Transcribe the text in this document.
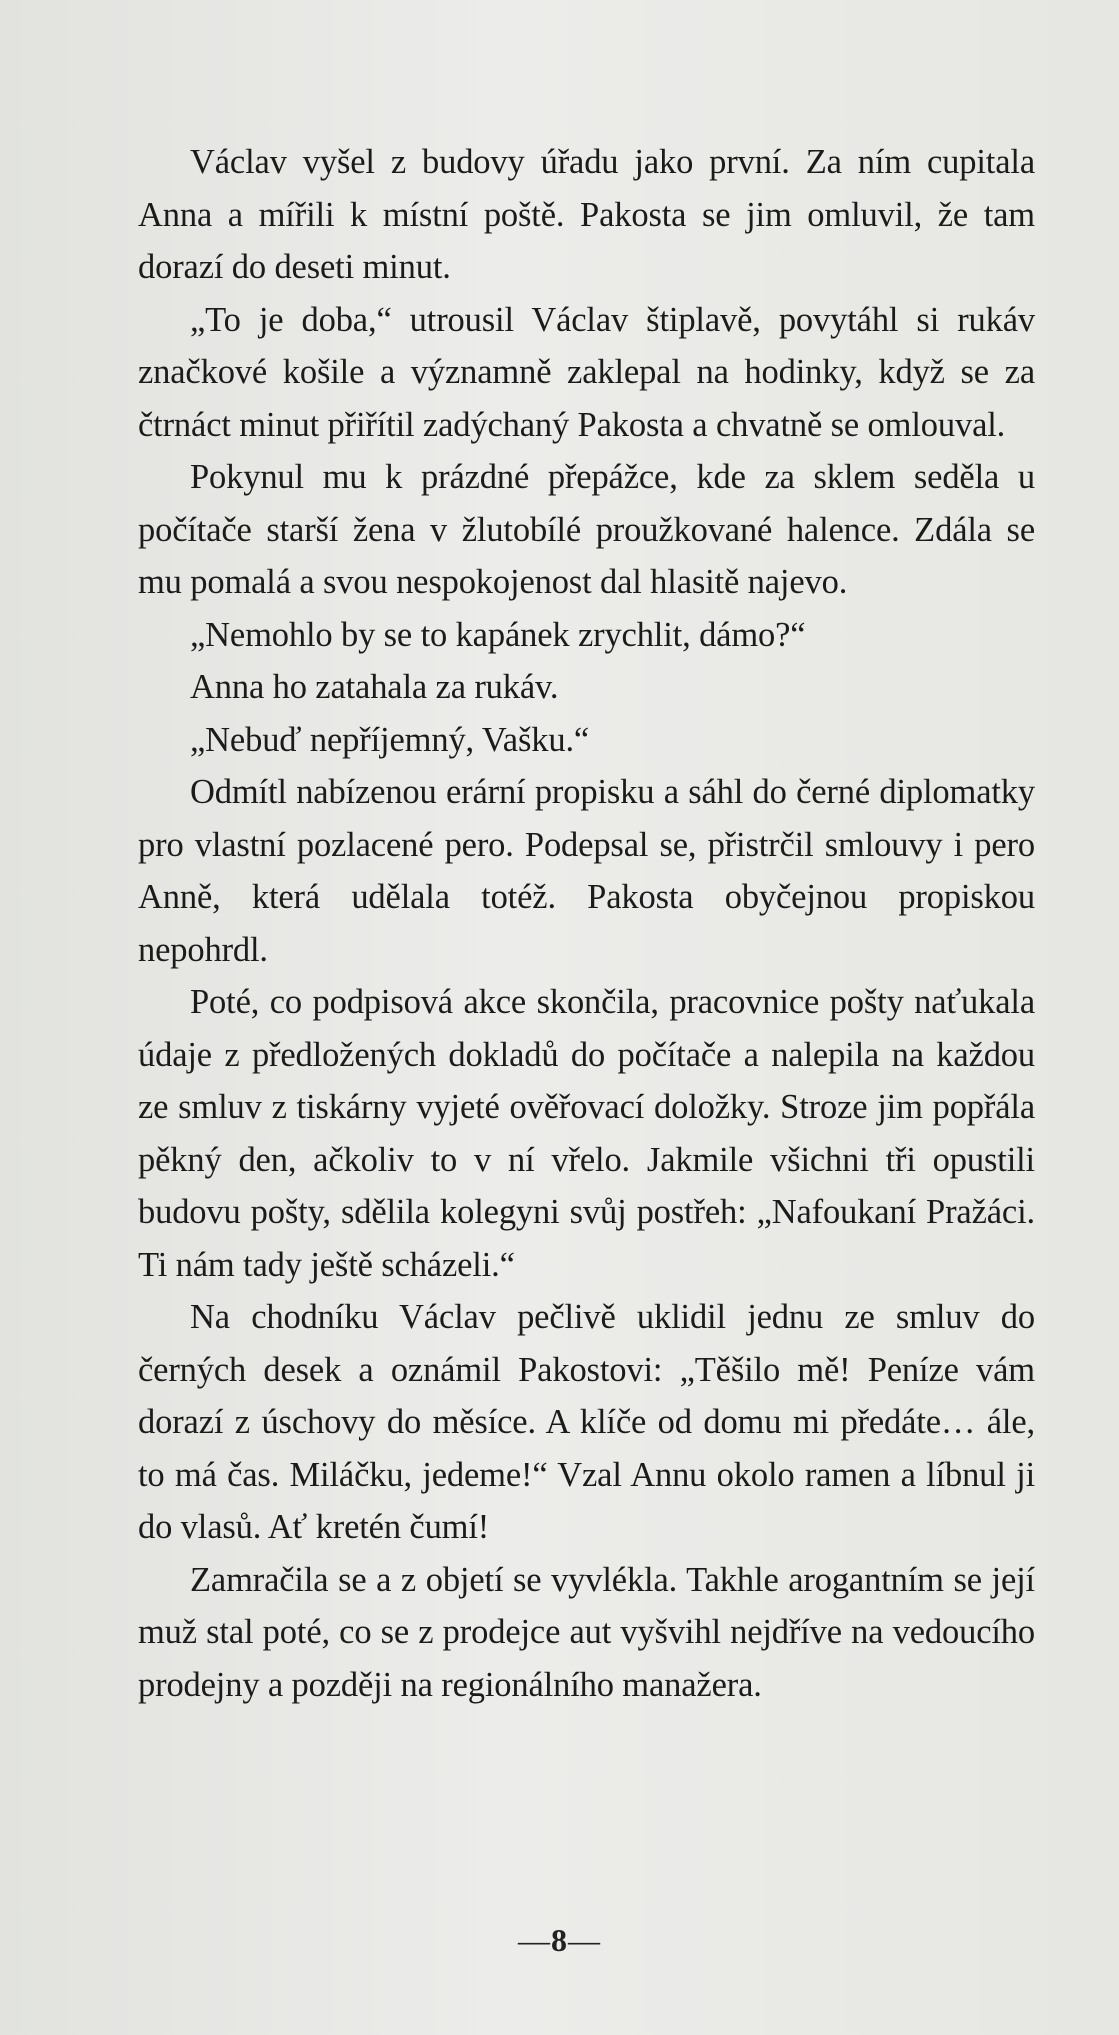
Václav vyšel z budovy úřadu jako první. Za ním cupitala Anna a mířili k místní poště. Pakosta se jim omluvil, že tam dorazí do deseti minut.

„To je doba,“ utrousil Václav štiplavě, povytáhl si rukáv značkové košile a významně zaklepal na hodinky, když se za čtrnáct minut přiřítil zadýchaný Pakosta a chvatně se omlouval.

Pokynul mu k prázdné přepážce, kde za sklem seděla u počítače starší žena v žlutobílé proužkované halence. Zdála se mu pomalá a svou nespokojenost dal hlasitě najevo.

„Nemohlo by se to kapánek zrychlit, dámo?“

Anna ho zatahala za rukáv.

„Nebuď nepříjemný, Vašku.“

Odmítl nabízenou erární propisku a sáhl do černé diplomatky pro vlastní pozlacené pero. Podepsal se, přistrčil smlouvy i pero Anně, která udělala totéž. Pakosta obyčejnou propiskou nepohrdl.

Poté, co podpisová akce skončila, pracovnice pošty naťukala údaje z předložených dokladů do počítače a nalepila na každou ze smluv z tiskárny vyjeté ověřovací doložky. Stroze jim popřála pěkný den, ačkoliv to v ní vřelo. Jakmile všichni tři opustili budovu pošty, sdělila kolegyni svůj postřeh: „Nafoukaní Pražáci. Ti nám tady ještě scházeli.“

Na chodníku Václav pečlivě uklidil jednu ze smluv do černých desek a oznámil Pakostovi: „Těšilo mě! Peníze vám dorazí z úschovy do měsíce. A klíče od domu mi předáte… ále, to má čas. Miláčku, jedeme!“ Vzal Annu okolo ramen a líbnul ji do vlasů. Ať kretén čumí!

Zamračila se a z objetí se vyvlékla. Takhle arogantním se její muž stal poté, co se z prodejce aut vyšvihl nejdříve na vedoucího prodejny a později na regionálního manažera.

—8—
